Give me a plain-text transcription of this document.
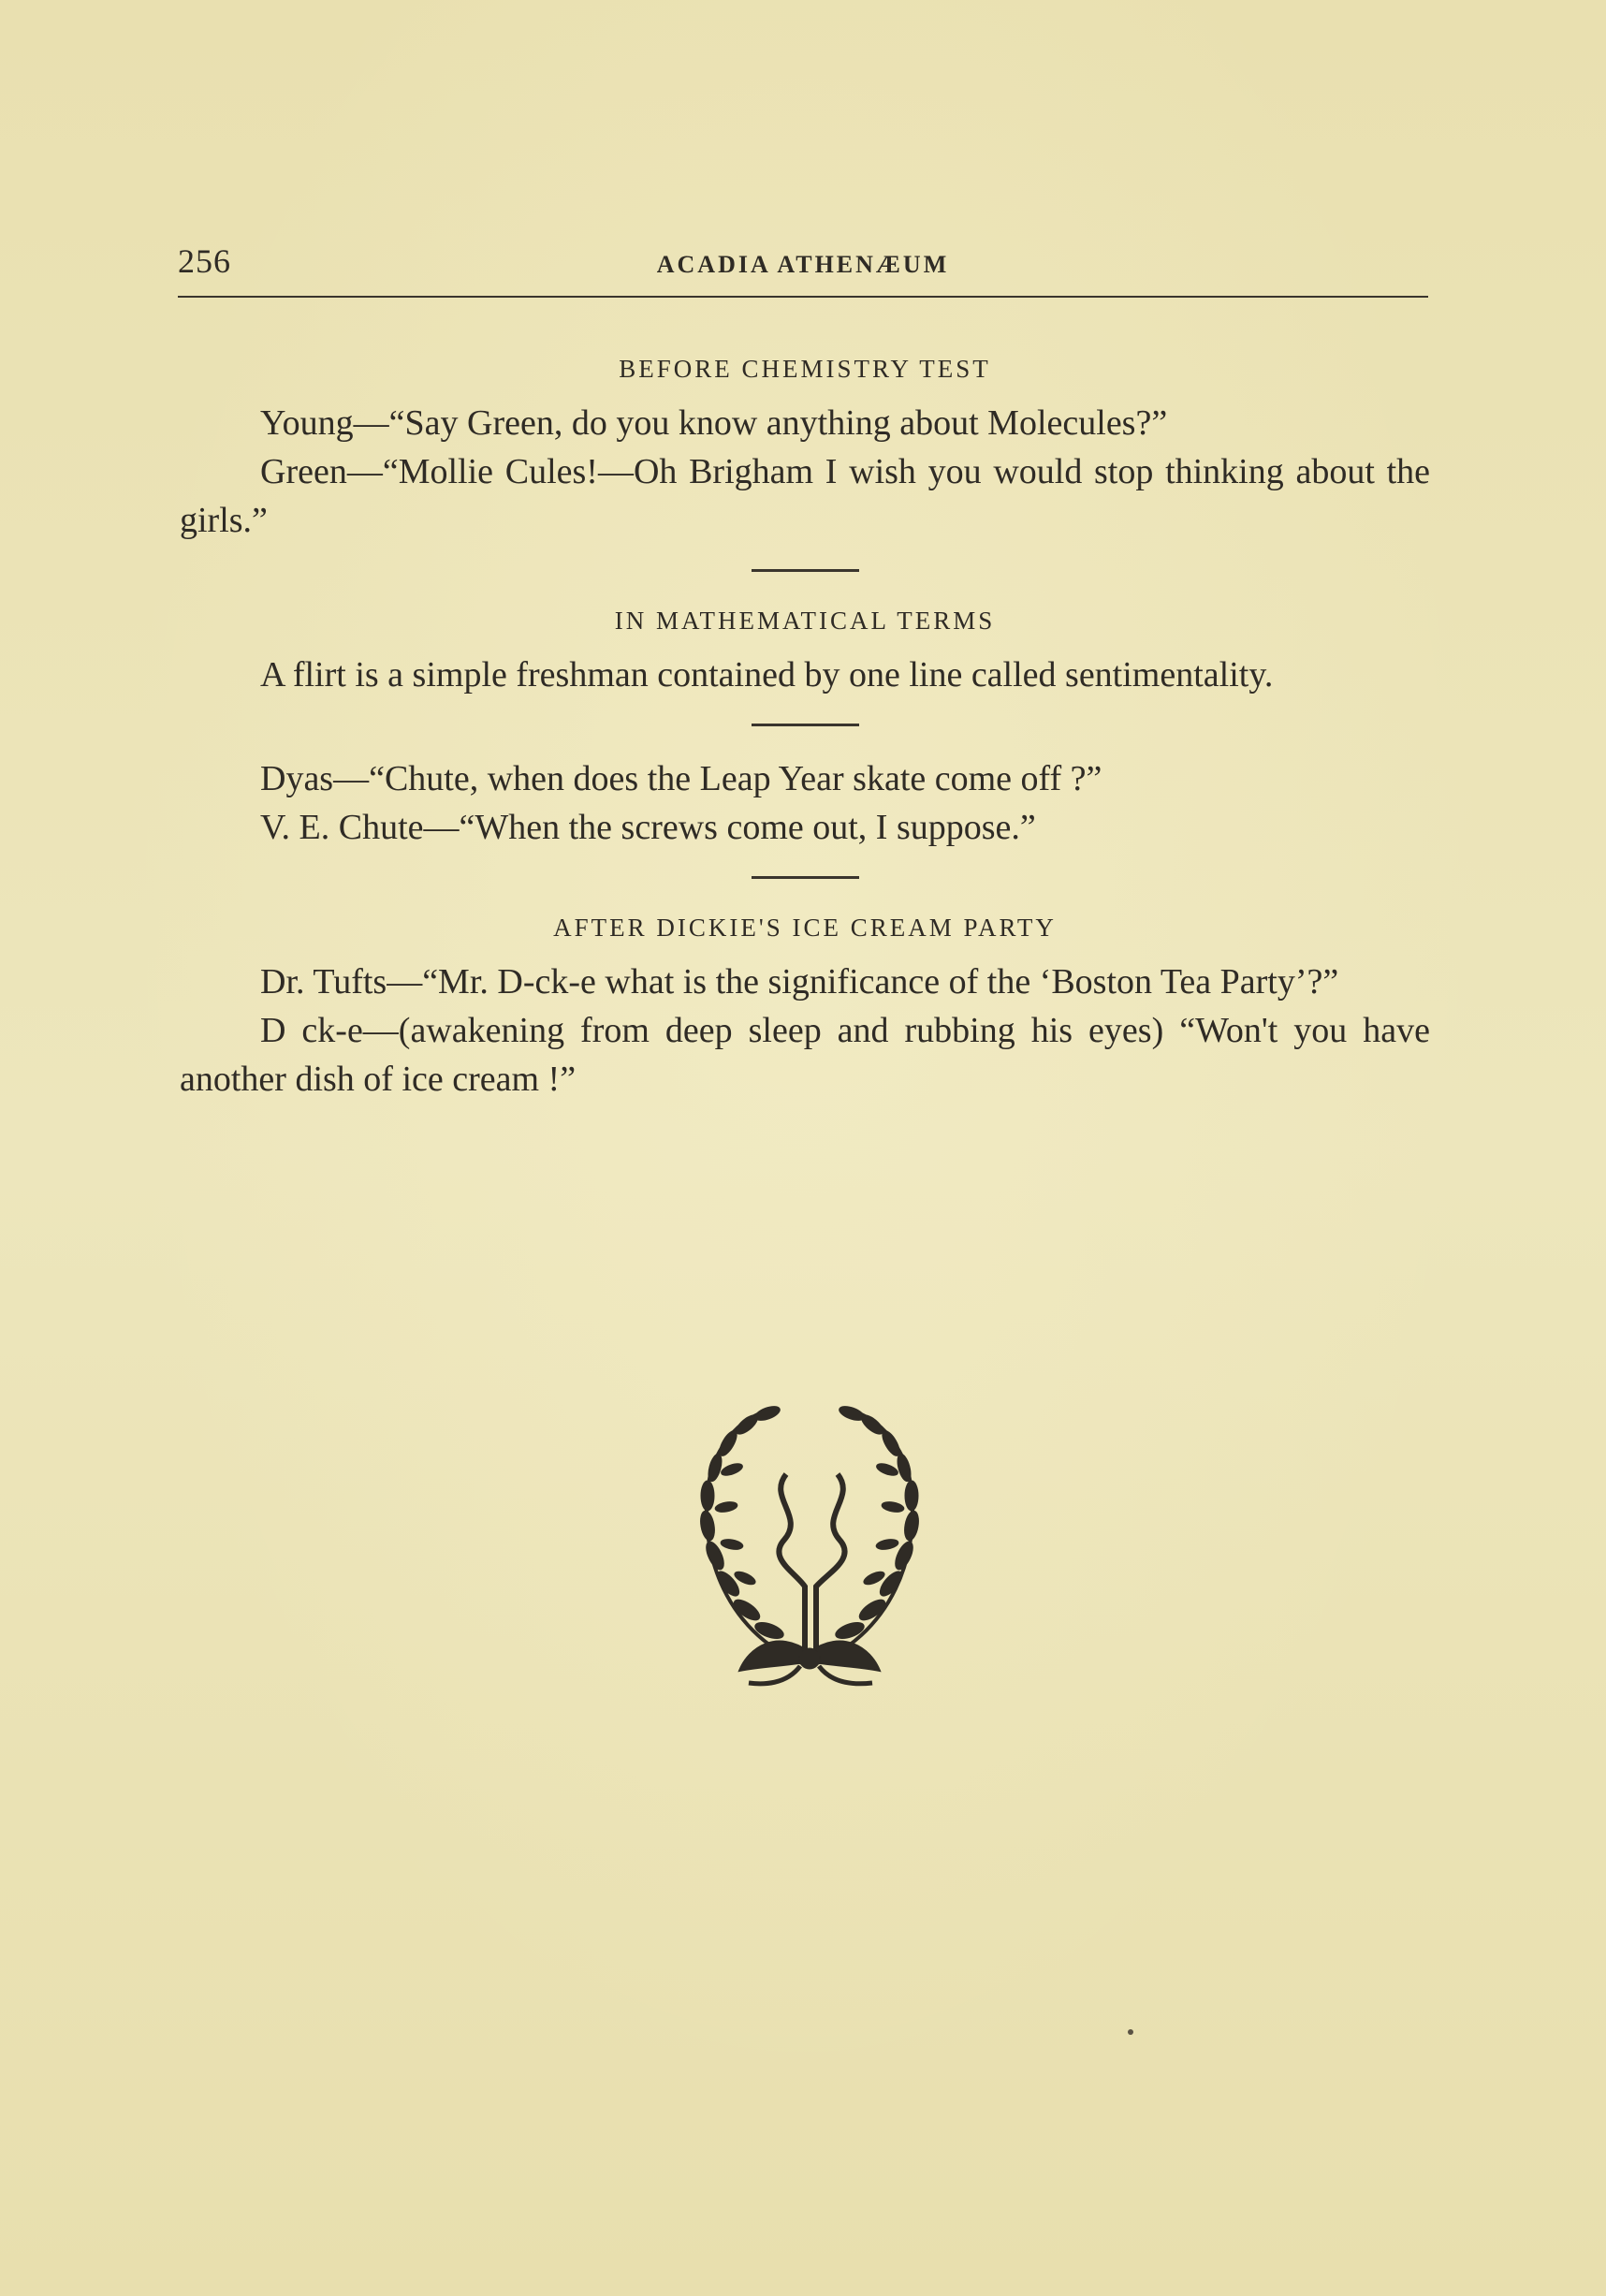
256	ACADIA ATHENÆUM
BEFORE CHEMISTRY TEST

Young—“Say Green, do you know anything about Molecules?”

Green—“Mollie Cules!—Oh Brigham I wish you would stop thinking about the girls.”

IN MATHEMATICAL TERMS

A flirt is a simple freshman contained by one line called sentimentality.

Dyas—“Chute, when does the Leap Year skate come off ?”

V. E. Chute—“When the screws come out, I suppose.”

AFTER DICKIE'S ICE CREAM PARTY

Dr. Tufts—“Mr. D-ck-e what is the significance of the ‘Boston Tea Party’?”

D ck-e—(awakening from deep sleep and rubbing his eyes) “Won't you have another dish of ice cream !”
